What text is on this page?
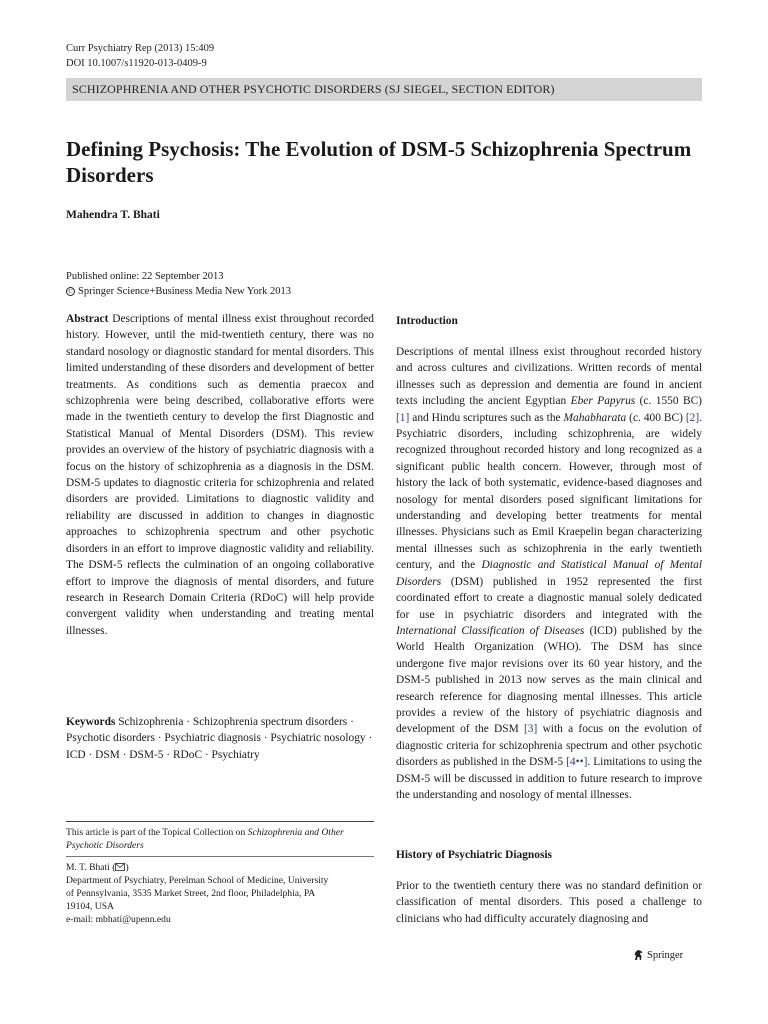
Curr Psychiatry Rep (2013) 15:409
DOI 10.1007/s11920-013-0409-9
SCHIZOPHRENIA AND OTHER PSYCHOTIC DISORDERS (SJ SIEGEL, SECTION EDITOR)
Defining Psychosis: The Evolution of DSM-5 Schizophrenia Spectrum Disorders
Mahendra T. Bhati
Published online: 22 September 2013
C Springer Science+Business Media New York 2013

Abstract Descriptions of mental illness exist throughout recorded history. However, until the mid-twentieth century, there was no standard nosology or diagnostic standard for mental disorders. This limited understanding of these disorders and development of better treatments. As conditions such as dementia praecox and schizophrenia were being described, collaborative efforts were made in the twentieth century to develop the first Diagnostic and Statistical Manual of Mental Disorders (DSM). This review provides an overview of the history of psychiatric diagnosis with a focus on the history of schizophrenia as a diagnosis in the DSM. DSM-5 updates to diagnostic criteria for schizophrenia and related disorders are provided. Limitations to diagnostic validity and reliability are discussed in addition to changes in diagnostic approaches to schizophrenia spectrum and other psychotic disorders in an effort to improve diagnostic validity and reliability. The DSM-5 reflects the culmination of an ongoing collaborative effort to improve the diagnosis of mental disorders, and future research in Research Domain Criteria (RDoC) will help provide convergent validity when understanding and treating mental illnesses.

Keywords Schizophrenia · Schizophrenia spectrum disorders · Psychotic disorders · Psychiatric diagnosis · Psychiatric nosology · ICD · DSM · DSM-5 · RDoC · Psychiatry
This article is part of the Topical Collection on Schizophrenia and Other Psychotic Disorders
M. T. Bhati ( )
Department of Psychiatry, Perelman School of Medicine, University
of Pennsylvania, 3535 Market Street, 2nd floor, Philadelphia, PA
19104, USA
e-mail: mbhati@upenn.edu
Introduction

Descriptions of mental illness exist throughout recorded history and across cultures and civilizations. Written records of mental illnesses such as depression and dementia are found in ancient texts including the ancient Egyptian Eber Papyrus (c. 1550 BC) [1] and Hindu scriptures such as the Mahabharata (c. 400 BC) [2]. Psychiatric disorders, including schizophrenia, are widely recognized throughout recorded history and long recognized as a significant public health concern. However, through most of history the lack of both systematic, evidence-based diagnoses and nosology for mental disorders posed significant limitations for understanding and developing better treatments for mental illnesses. Physicians such as Emil Kraepelin began characterizing mental illnesses such as schizophrenia in the early twentieth century, and the Diagnostic and Statistical Manual of Mental Disorders (DSM) published in 1952 represented the first coordinated effort to create a diagnostic manual solely dedicated for use in psychiatric disorders and integrated with the International Classification of Diseases (ICD) published by the World Health Organization (WHO). The DSM has since undergone five major revisions over its 60 year history, and the DSM-5 published in 2013 now serves as the main clinical and research reference for diagnosing mental illnesses. This article provides a review of the history of psychiatric diagnosis and development of the DSM [3] with a focus on the evolution of diagnostic criteria for schizophrenia spectrum and other psychotic disorders as published in the DSM-5 [4••]. Limitations to using the DSM-5 will be discussed in addition to future research to improve the understanding and nosology of mental illnesses.

History of Psychiatric Diagnosis

Prior to the twentieth century there was no standard definition or classification of mental disorders. This posed a challenge to clinicians who had difficulty accurately diagnosing and

Springer
